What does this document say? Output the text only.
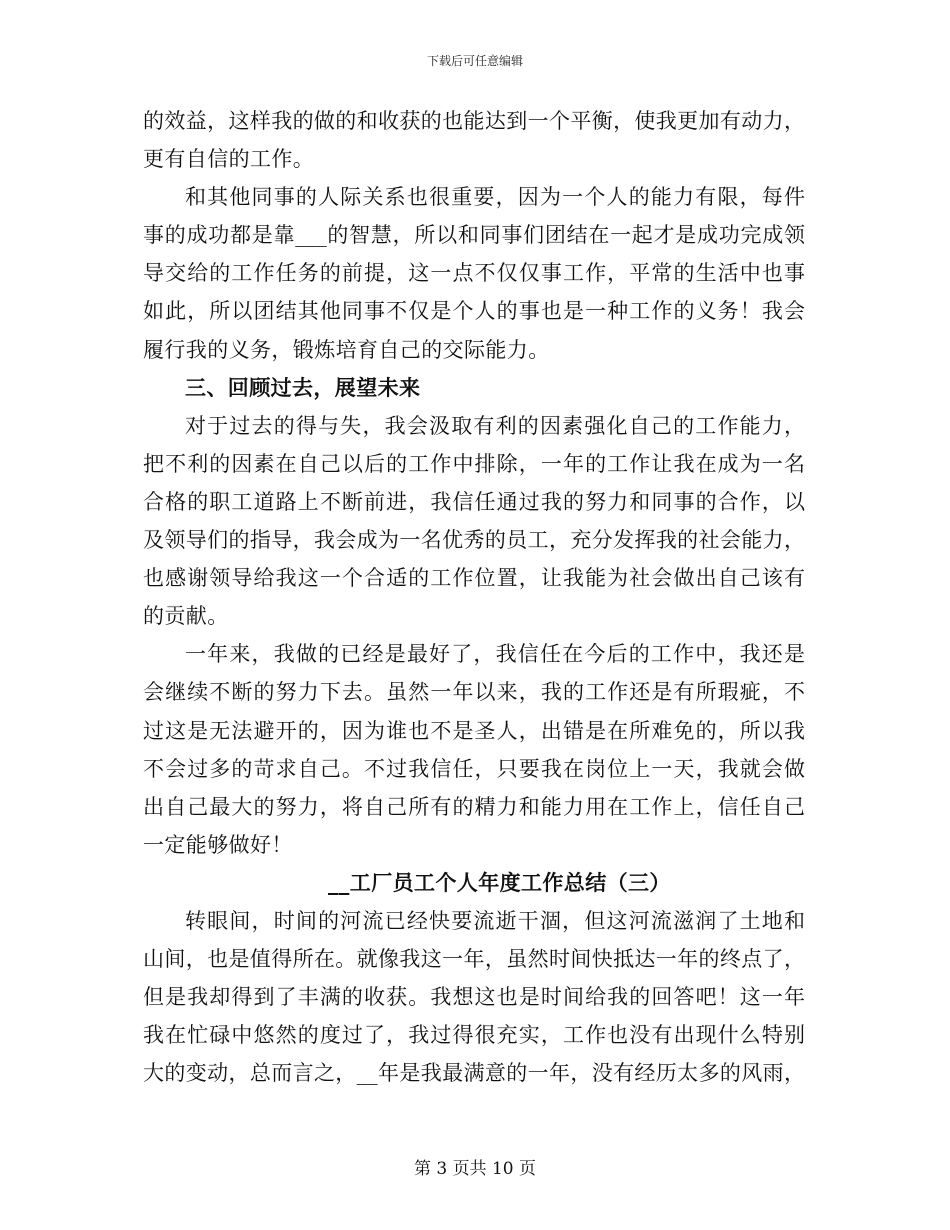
下载后可任意编辑
的效益，这样我的做的和收获的也能达到一个平衡，使我更加有动力，
更有自信的工作。
和其他同事的人际关系也很重要，因为一个人的能力有限，每件
事的成功都是靠___的智慧，所以和同事们团结在一起才是成功完成领
导交给的工作任务的前提，这一点不仅仅事工作，平常的生活中也事
如此，所以团结其他同事不仅是个人的事也是一种工作的义务！我会
履行我的义务，锻炼培育自己的交际能力。
三、回顾过去，展望未来
对于过去的得与失，我会汲取有利的因素强化自己的工作能力，
把不利的因素在自己以后的工作中排除，一年的工作让我在成为一名
合格的职工道路上不断前进，我信任通过我的努力和同事的合作，以
及领导们的指导，我会成为一名优秀的员工，充分发挥我的社会能力，
也感谢领导给我这一个合适的工作位置，让我能为社会做出自己该有
的贡献。
一年来，我做的已经是最好了，我信任在今后的工作中，我还是
会继续不断的努力下去。虽然一年以来，我的工作还是有所瑕疵，不
过这是无法避开的，因为谁也不是圣人，出错是在所难免的，所以我
不会过多的苛求自己。不过我信任，只要我在岗位上一天，我就会做
出自己最大的努力，将自己所有的精力和能力用在工作上，信任自己
一定能够做好！
__工厂员工个人年度工作总结（三）
转眼间，时间的河流已经快要流逝干涸，但这河流滋润了土地和
山间，也是值得所在。就像我这一年，虽然时间快抵达一年的终点了，
但是我却得到了丰满的收获。我想这也是时间给我的回答吧！这一年
我在忙碌中悠然的度过了，我过得很充实，工作也没有出现什么特别
大的变动，总而言之，__年是我最满意的一年，没有经历太多的风雨，
第 3 页共 10 页
